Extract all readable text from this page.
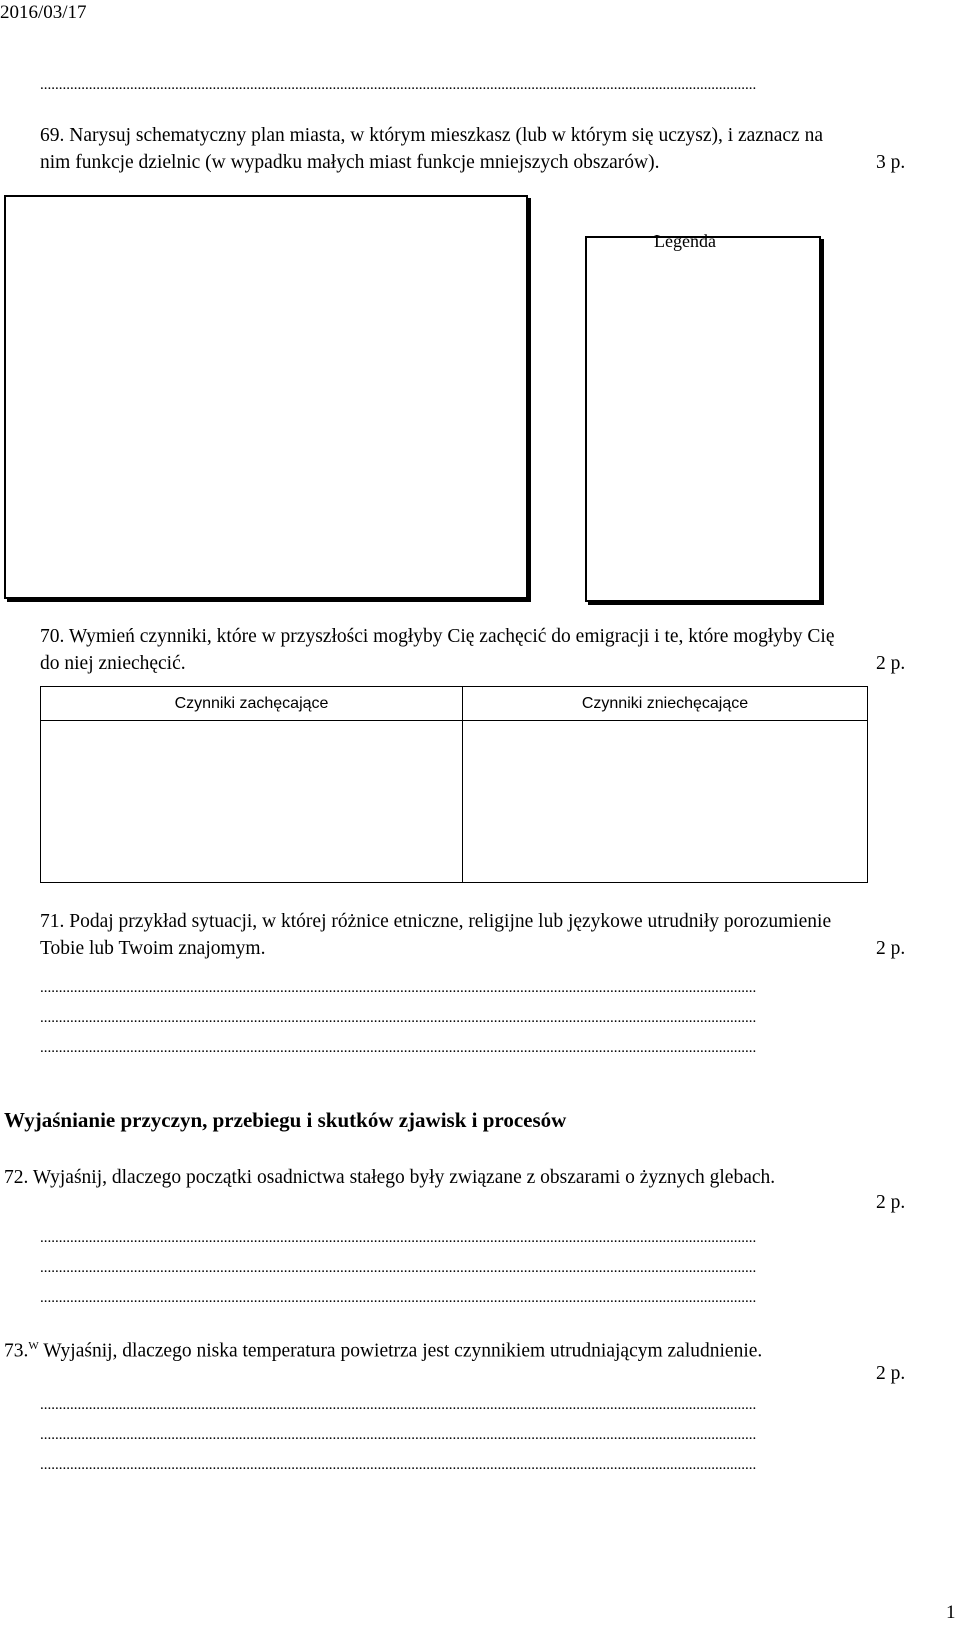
2016/03/17
...............................................................................................................................................................................................
69. Narysuj schematyczny plan miasta, w którym mieszkasz (lub w którym się uczysz), i zaznacz na
nim funkcje dzielnic (w wypadku małych miast funkcje mniejszych obszarów).	3 p.
Legenda
70. Wymień czynniki, które w przyszłości mogłyby Cię zachęcić do emigracji i te, które mogłyby Cię
do niej zniechęcić.	2 p.
Czynniki zachęcające	Czynniki zniechęcające

71. Podaj przykład sytuacji, w której różnice etniczne, religijne lub językowe utrudniły porozumienie
Tobie lub Twoim znajomym.	2 p.
...............................................................................................................................................................................................
...............................................................................................................................................................................................
...............................................................................................................................................................................................
Wyjaśnianie przyczyn, przebiegu i skutków zjawisk i procesów
72. Wyjaśnij, dlaczego początki osadnictwa stałego były związane z obszarami o żyznych glebach.
2 p.
...............................................................................................................................................................................................
...............................................................................................................................................................................................
...............................................................................................................................................................................................
73.$^W$ Wyjaśnij, dlaczego niska temperatura powietrza jest czynnikiem utrudniającym zaludnienie.
2 p.
...............................................................................................................................................................................................
...............................................................................................................................................................................................
...............................................................................................................................................................................................
1
